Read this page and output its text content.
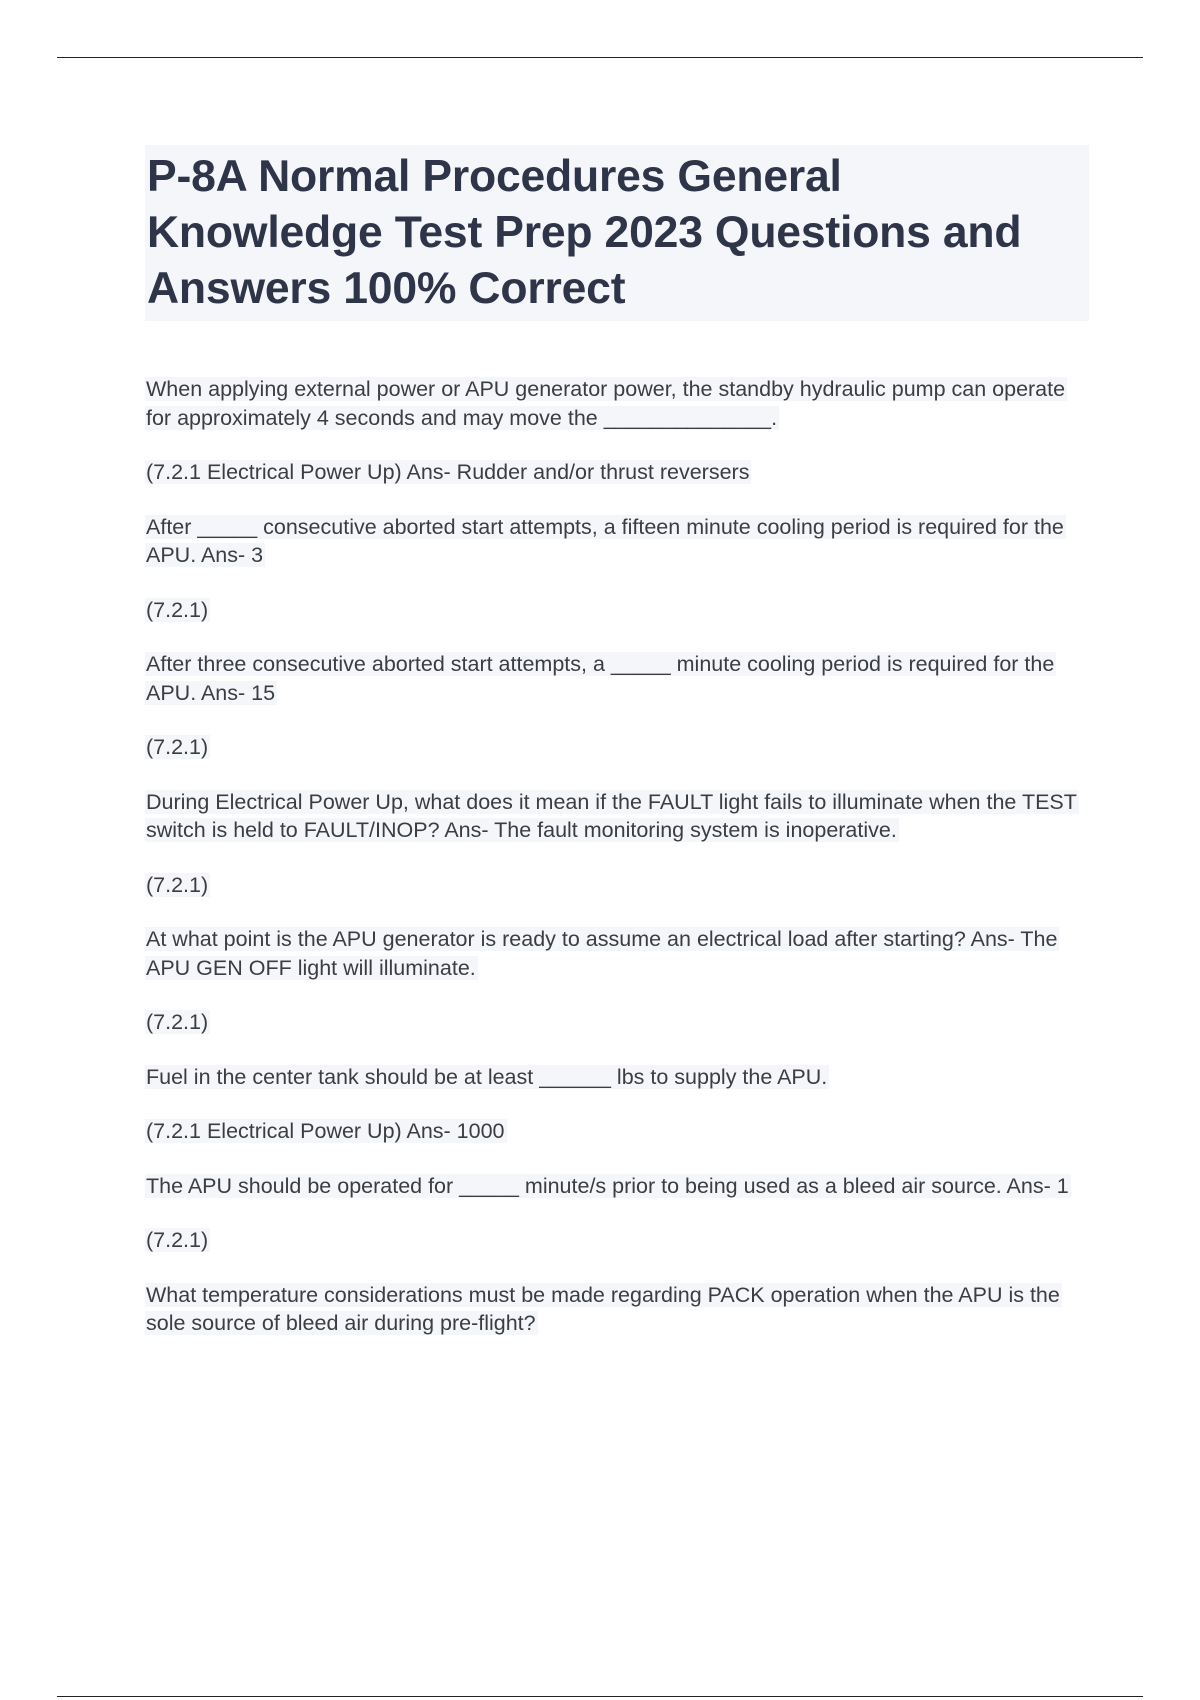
P-8A Normal Procedures General Knowledge Test Prep 2023 Questions and Answers 100% Correct

When applying external power or APU generator power, the standby hydraulic pump can operate for approximately 4 seconds and may move the ______________.

(7.2.1 Electrical Power Up) Ans- Rudder and/or thrust reversers

After _____ consecutive aborted start attempts, a fifteen minute cooling period is required for the APU. Ans- 3

(7.2.1)

After three consecutive aborted start attempts, a _____ minute cooling period is required for the APU. Ans- 15

(7.2.1)

During Electrical Power Up, what does it mean if the FAULT light fails to illuminate when the TEST switch is held to FAULT/INOP? Ans- The fault monitoring system is inoperative.

(7.2.1)

At what point is the APU generator is ready to assume an electrical load after starting? Ans- The APU GEN OFF light will illuminate.

(7.2.1)

Fuel in the center tank should be at least ______ lbs to supply the APU.

(7.2.1 Electrical Power Up) Ans- 1000

The APU should be operated for _____ minute/s prior to being used as a bleed air source. Ans- 1

(7.2.1)

What temperature considerations must be made regarding PACK operation when the APU is the sole source of bleed air during pre-flight?
